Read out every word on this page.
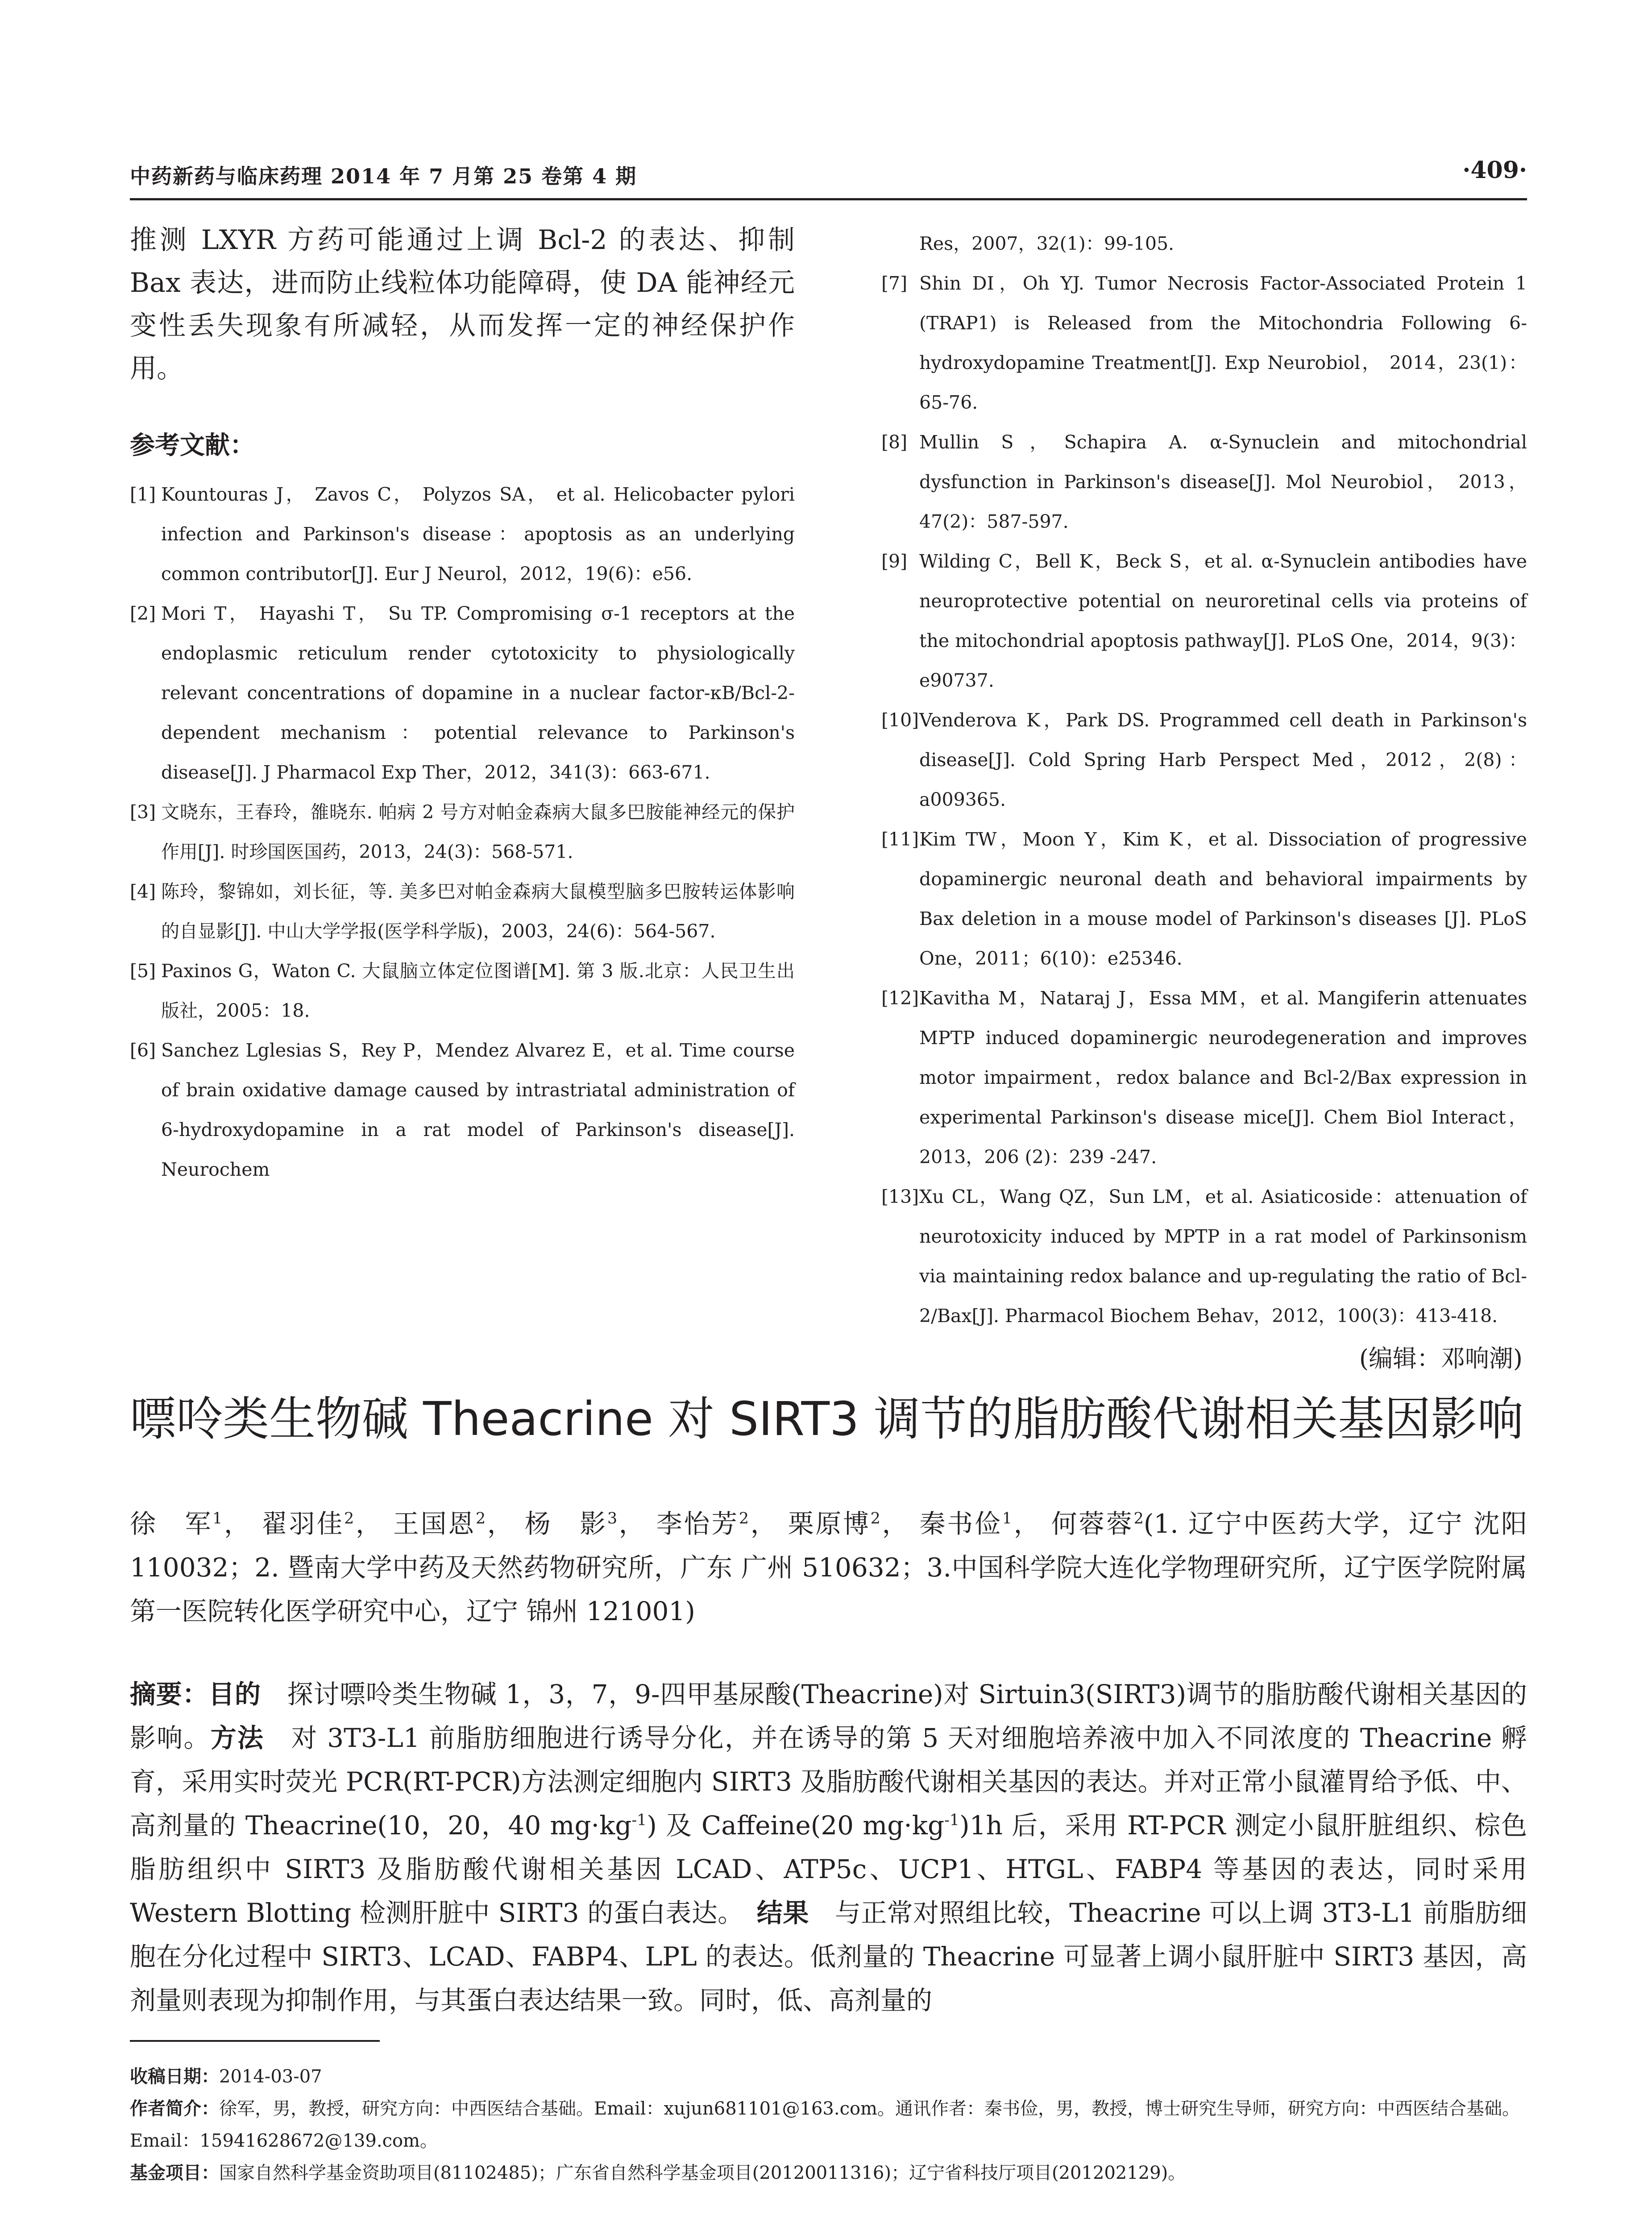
中药新药与临床药理 2014 年 7 月第 25 卷第 4 期	·409·

推测 LXYR 方药可能通过上调 Bcl-2 的表达、抑制 Bax 表达，进而防止线粒体功能障碍，使 DA 能神经元变性丢失现象有所减轻，从而发挥一定的神经保护作用。

参考文献：
[1] Kountouras J， Zavos C， Polyzos SA， et al. Helicobacter pylori infection and Parkinson's disease：apoptosis as an underlying common contributor[J]. Eur J Neurol，2012，19(6)：e56.
[2] Mori T， Hayashi T， Su TP. Compromising σ-1 receptors at the endoplasmic reticulum render cytotoxicity to physiologically relevant concentrations of dopamine in a nuclear factor-κB/Bcl-2-dependent mechanism：potential relevance to Parkinson's disease[J]. J Pharmacol Exp Ther，2012，341(3)：663-671.
[3] 文晓东，王春玲，雒晓东. 帕病 2 号方对帕金森病大鼠多巴胺能神经元的保护作用[J]. 时珍国医国药，2013，24(3)：568-571.
[4] 陈玲，黎锦如，刘长征，等. 美多巴对帕金森病大鼠模型脑多巴胺转运体影响的自显影[J]. 中山大学学报(医学科学版)，2003，24(6)：564-567.
[5] Paxinos G，Waton C. 大鼠脑立体定位图谱[M]. 第 3 版.北京：人民卫生出版社，2005：18.
[6] Sanchez Lglesias S，Rey P，Mendez Alvarez E，et al. Time course of brain oxidative damage caused by intrastriatal administration of 6-hydroxydopamine in a rat model of Parkinson's disease[J]. Neurochem
Res，2007，32(1)：99-105.
[7] Shin DI，Oh YJ. Tumor Necrosis Factor-Associated Protein 1 (TRAP1) is Released from the Mitochondria Following 6-hydroxydopamine Treatment[J]. Exp Neurobiol， 2014，23(1)：65-76.
[8] Mullin S，Schapira A. α-Synuclein and mitochondrial dysfunction in Parkinson's disease[J]. Mol Neurobiol， 2013，47(2)：587-597.
[9] Wilding C，Bell K，Beck S，et al. α-Synuclein antibodies have neuroprotective potential on neuroretinal cells via proteins of the mitochondrial apoptosis pathway[J]. PLoS One，2014，9(3)：e90737.
[10] Venderova K，Park DS. Programmed cell death in Parkinson's disease[J]. Cold Spring Harb Perspect Med，2012，2(8)：a009365.
[11] Kim TW，Moon Y，Kim K，et al. Dissociation of progressive dopaminergic neuronal death and behavioral impairments by Bax deletion in a mouse model of Parkinson's diseases [J]. PLoS One，2011；6(10)：e25346.
[12] Kavitha M，Nataraj J，Essa MM，et al. Mangiferin attenuates MPTP induced dopaminergic neurodegeneration and improves motor impairment，redox balance and Bcl-2/Bax expression in experimental Parkinson's disease mice[J]. Chem Biol Interact，2013，206 (2)：239 -247.
[13] Xu CL，Wang QZ，Sun LM，et al. Asiaticoside：attenuation of neurotoxicity induced by MPTP in a rat model of Parkinsonism via maintaining redox balance and up-regulating the ratio of Bcl-2/Bax[J]. Pharmacol Biochem Behav，2012，100(3)：413-418.
(编辑：邓响潮)
嘌呤类生物碱 Theacrine 对 SIRT3 调节的脂肪酸代谢相关基因影响
徐　军$^1$， 翟羽佳$^2$， 王国恩$^2$， 杨　影$^3$， 李怡芳$^2$， 栗原博$^2$， 秦书俭$^1$， 何蓉蓉$^2$(1. 辽宁中医药大学，辽宁 沈阳 110032；2. 暨南大学中药及天然药物研究所，广东 广州 510632；3.中国科学院大连化学物理研究所，辽宁医学院附属第一医院转化医学研究中心，辽宁 锦州 121001)
摘要：目的　 探讨嘌呤类生物碱 1，3，7，9-四甲基尿酸(Theacrine)对 Sirtuin3(SIRT3)调节的脂肪酸代谢相关基因的影响。方法　 对 3T3-L1 前脂肪细胞进行诱导分化，并在诱导的第 5 天对细胞培养液中加入不同浓度的 Theacrine 孵育，采用实时荧光 PCR(RT-PCR)方法测定细胞内 SIRT3 及脂肪酸代谢相关基因的表达。并对正常小鼠灌胃给予低、中、高剂量的 Theacrine(10，20，40 $mg\cdot kg^{-1}$) 及 Caffeine(20 $mg\cdot kg^{-1})1h$ 后，采用 RT-PCR 测定小鼠肝脏组织、棕色脂肪组织中 SIRT3 及脂肪酸代谢相关基因 LCAD、ATP5c、UCP1、HTGL、FABP4 等基因的表达，同时采用 Western Blotting 检测肝脏中 SIRT3 的蛋白表达。　 结果　 与正常对照组比较，Theacrine 可以上调 3T3-L1 前脂肪细胞在分化过程中 SIRT3、LCAD、FABP4、LPL 的表达。低剂量的 Theacrine 可显著上调小鼠肝脏中 SIRT3 基因，高剂量则表现为抑制作用，与其蛋白表达结果一致。同时，低、高剂量的

收稿日期：2014-03-07

作者简介：徐军，男，教授，研究方向：中西医结合基础。Email：xujun681101@163.com。通讯作者：秦书俭，男，教授，博士研究生导师，研究方向：中西医结合基础。Email：15941628672@139.com。

基金项目：国家自然科学基金资助项目(81102485)；广东省自然科学基金项目(20120011316)；辽宁省科技厅项目(201202129)。
